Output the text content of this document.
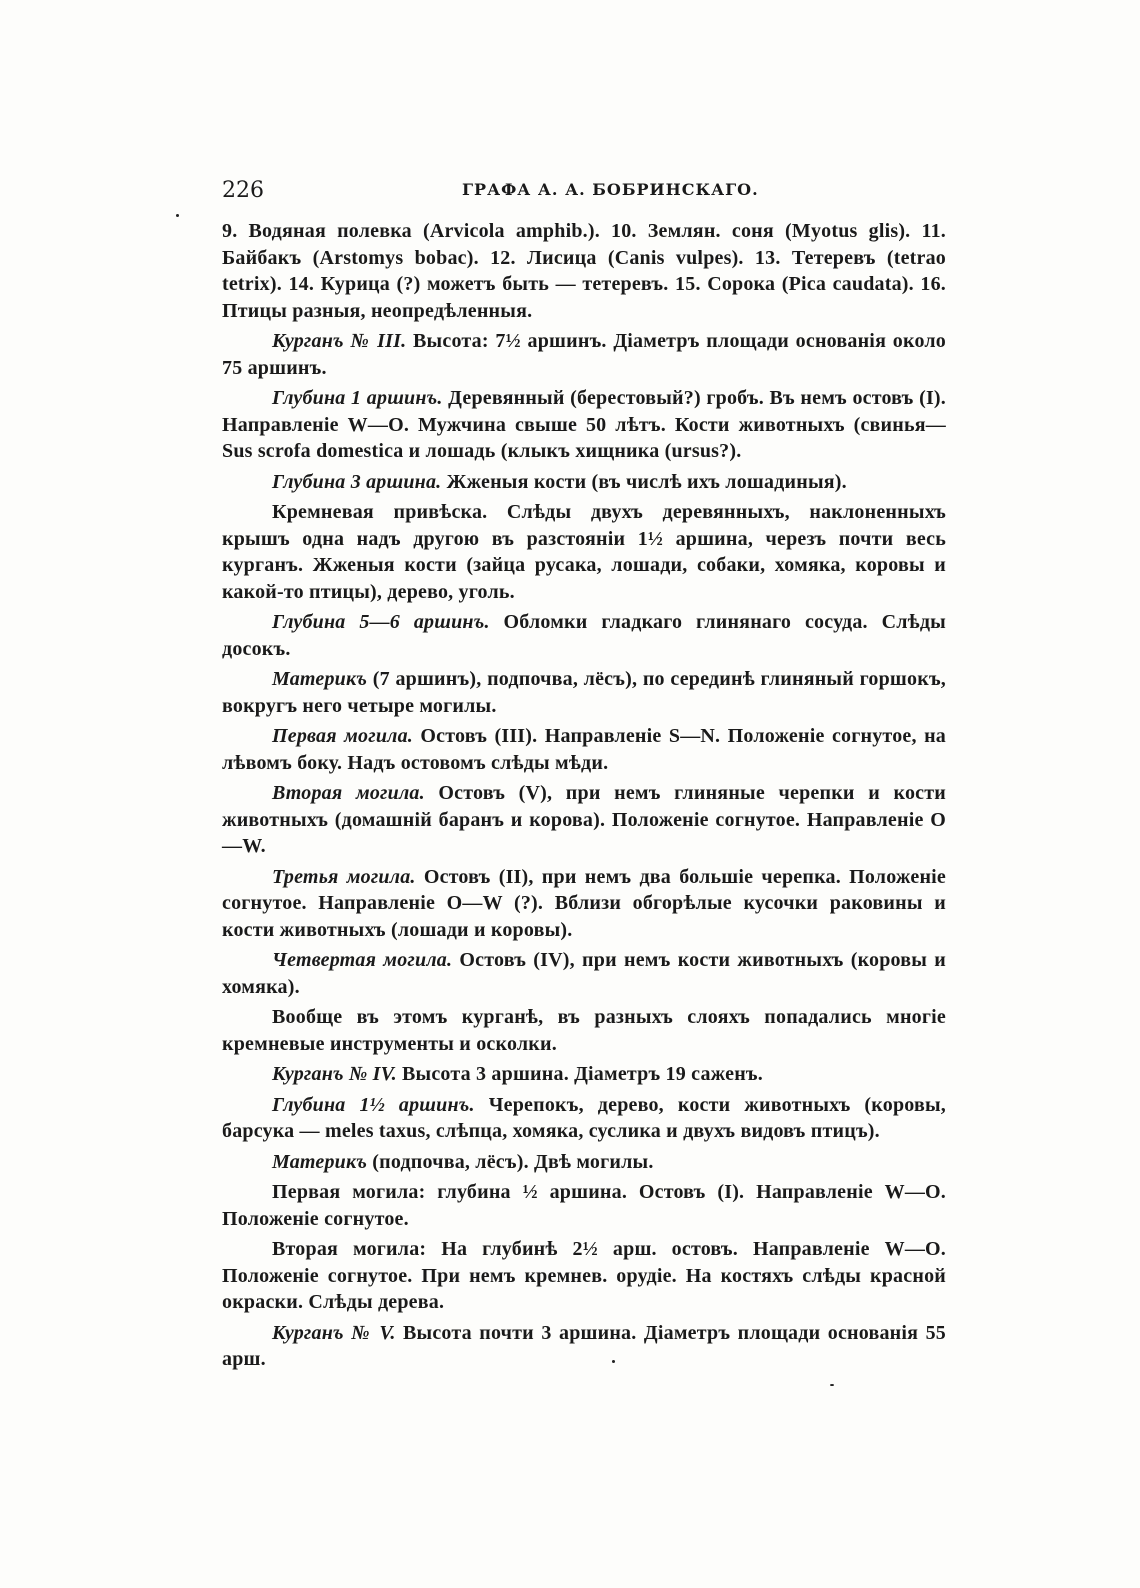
226	ГРАФА А. А. БОБРИНСКАГО.

9. Водяная полевка (Arvicola amphib.). 10. Землян. соня (Myotus glis). 11. Байбакъ (Arstomys bobac). 12. Лисица (Canis vulpes). 13. Тетеревъ (tetrao tetrix). 14. Курица (?) можетъ быть — тетеревъ. 15. Сорока (Pica caudata). 16. Птицы разныя, неопредѣленныя.

Курганъ № III. Высота: 7½ аршинъ. Діаметръ площади основанія около 75 аршинъ.

Глубина 1 аршинъ. Деревянный (берестовый?) гробъ. Въ немъ остовъ (I). Направленіе W—O. Мужчина свыше 50 лѣтъ. Кости животныхъ (свинья— Sus scrofa domestica и лошадь (клыкъ хищника (ursus?).

Глубина 3 аршина. Жженыя кости (въ числѣ ихъ лошадиныя).

Кремневая привѣска. Слѣды двухъ деревянныхъ, наклоненныхъ крышъ одна надъ другою въ разстояніи 1½ аршина, черезъ почти весь курганъ. Жженыя кости (зайца русака, лошади, собаки, хомяка, коровы и какой-то птицы), дерево, уголь.

Глубина 5—6 аршинъ. Обломки гладкаго глинянаго сосуда. Слѣды досокъ.

Материкъ (7 аршинъ), подпочва, лёсъ), по серединѣ глиняный горшокъ, вокругъ него четыре могилы.

Первая могила. Остовъ (III). Направленіе S—N. Положеніе согнутое, на лѣвомъ боку. Надъ остовомъ слѣды мѣди.

Вторая могила. Остовъ (V), при немъ глиняные черепки и кости животныхъ (домашній баранъ и корова). Положеніе согнутое. Направленіе O—W.

Третья могила. Остовъ (II), при немъ два большіе черепка. Положеніе согнутое. Направленіе O—W (?). Вблизи обгорѣлые кусочки раковины и кости животныхъ (лошади и коровы).

Четвертая могила. Остовъ (IV), при немъ кости животныхъ (коровы и хомяка).

Вообще въ этомъ курганѣ, въ разныхъ слояхъ попадались многіе кремневые инструменты и осколки.

Курганъ № IV. Высота 3 аршина. Діаметръ 19 саженъ.

Глубина 1½ аршинъ. Черепокъ, дерево, кости животныхъ (коровы, барсука — meles taxus, слѣпца, хомяка, суслика и двухъ видовъ птицъ).

Материкъ (подпочва, лёсъ). Двѣ могилы.

Первая могила: глубина ½ аршина. Остовъ (I). Направленіе W—O. Положеніе согнутое.

Вторая могила: На глубинѣ 2½ арш. остовъ. Направленіе W—O. Положеніе согнутое. При немъ кремнев. орудіе. На костяхъ слѣды красной окраски. Слѣды дерева.

Курганъ № V. Высота почти 3 аршина. Діаметръ площади основанія 55 арш.
